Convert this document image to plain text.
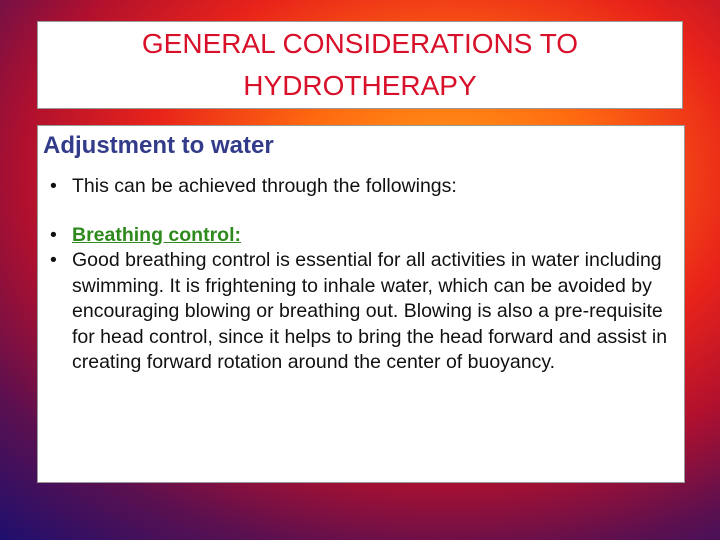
GENERAL CONSIDERATIONS TO
HYDROTHERAPY
Adjustment to water
• This can be achieved through the followings:
• Breathing control:
• Good breathing control is essential for all activities in water including swimming. It is frightening to inhale water, which can be avoided by encouraging blowing or breathing out. Blowing is also a pre-requisite for head control, since it helps to bring the head forward and assist in creating forward rotation around the center of buoyancy.
